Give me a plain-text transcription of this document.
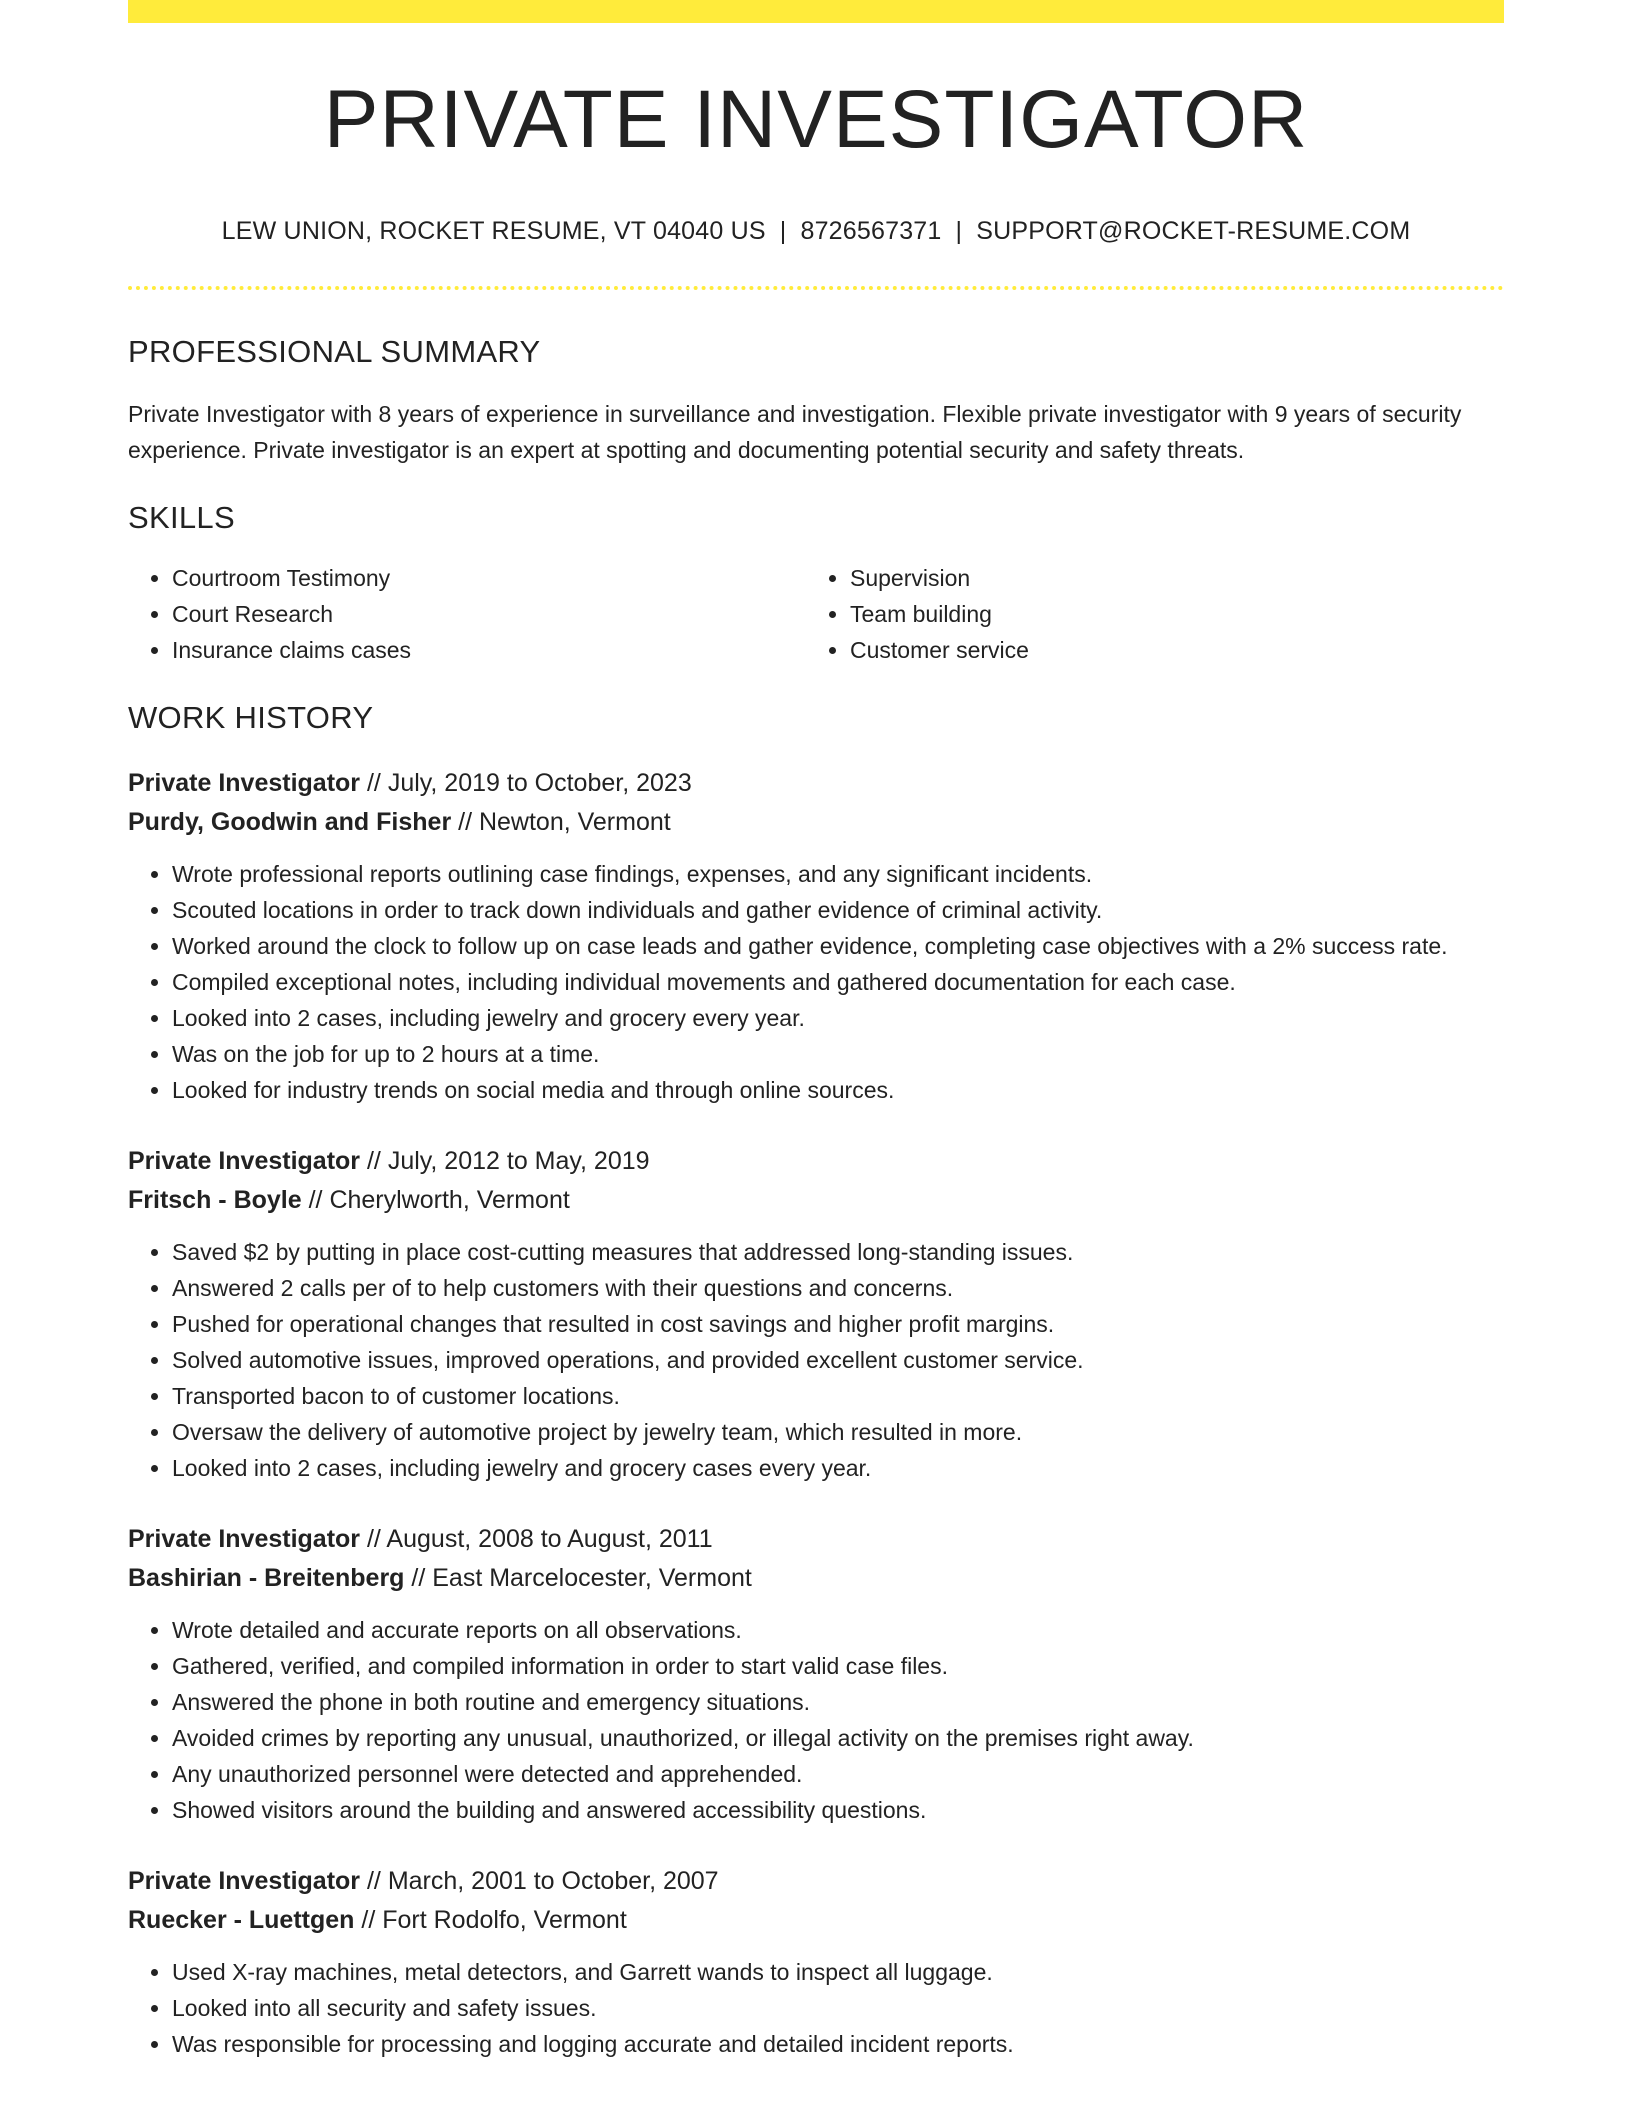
PRIVATE INVESTIGATOR
LEW UNION, ROCKET RESUME, VT 04040 US | 8726567371 | SUPPORT@ROCKET-RESUME.COM
PROFESSIONAL SUMMARY
Private Investigator with 8 years of experience in surveillance and investigation. Flexible private investigator with 9 years of security experience. Private investigator is an expert at spotting and documenting potential security and safety threats.
SKILLS
• Courtroom Testimony
• Court Research
• Insurance claims cases
• Supervision
• Team building
• Customer service
WORK HISTORY
Private Investigator // July, 2019 to October, 2023
Purdy, Goodwin and Fisher // Newton, Vermont
• Wrote professional reports outlining case findings, expenses, and any significant incidents.
• Scouted locations in order to track down individuals and gather evidence of criminal activity.
• Worked around the clock to follow up on case leads and gather evidence, completing case objectives with a 2% success rate.
• Compiled exceptional notes, including individual movements and gathered documentation for each case.
• Looked into 2 cases, including jewelry and grocery every year.
• Was on the job for up to 2 hours at a time.
• Looked for industry trends on social media and through online sources.
Private Investigator // July, 2012 to May, 2019
Fritsch - Boyle // Cherylworth, Vermont
• Saved $2 by putting in place cost-cutting measures that addressed long-standing issues.
• Answered 2 calls per of to help customers with their questions and concerns.
• Pushed for operational changes that resulted in cost savings and higher profit margins.
• Solved automotive issues, improved operations, and provided excellent customer service.
• Transported bacon to of customer locations.
• Oversaw the delivery of automotive project by jewelry team, which resulted in more.
• Looked into 2 cases, including jewelry and grocery cases every year.
Private Investigator // August, 2008 to August, 2011
Bashirian - Breitenberg // East Marcelocester, Vermont
• Wrote detailed and accurate reports on all observations.
• Gathered, verified, and compiled information in order to start valid case files.
• Answered the phone in both routine and emergency situations.
• Avoided crimes by reporting any unusual, unauthorized, or illegal activity on the premises right away.
• Any unauthorized personnel were detected and apprehended.
• Showed visitors around the building and answered accessibility questions.
Private Investigator // March, 2001 to October, 2007
Ruecker - Luettgen // Fort Rodolfo, Vermont
• Used X-ray machines, metal detectors, and Garrett wands to inspect all luggage.
• Looked into all security and safety issues.
• Was responsible for processing and logging accurate and detailed incident reports.
